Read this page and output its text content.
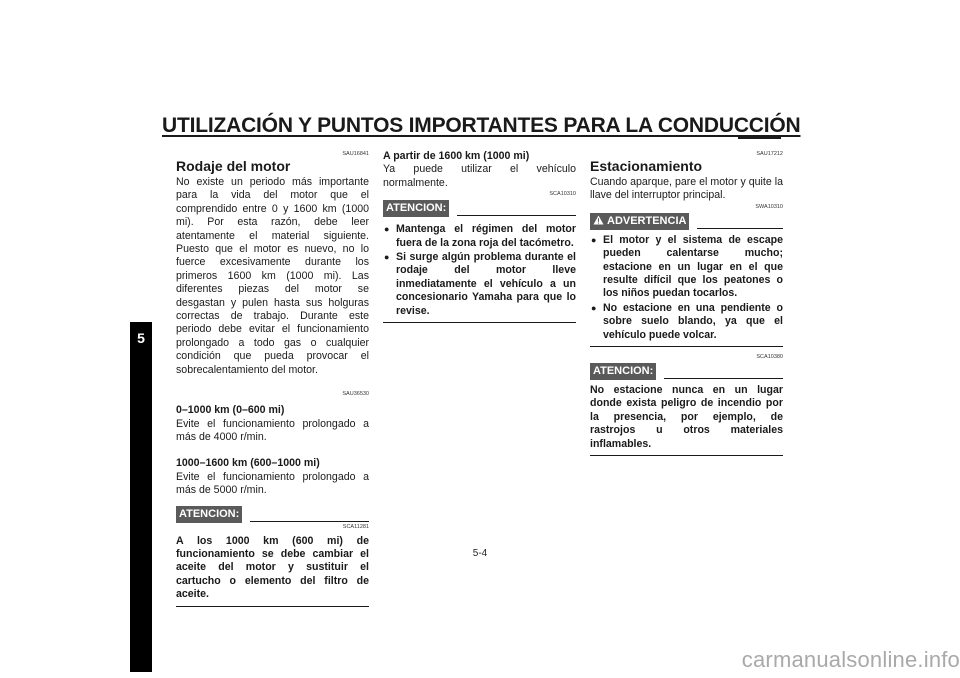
UTILIZACIÓN Y PUNTOS IMPORTANTES PARA LA CONDUCCIÓN
5
SAU16841
Rodaje del motor

No existe un periodo más importante para la vida del motor que el comprendido entre 0 y 1600 km (1000 mi). Por esta razón, debe leer atentamente el material siguiente. Puesto que el motor es nuevo, no lo fuerce excesivamente durante los primeros 1600 km (1000 mi). Las diferentes piezas del motor se desgastan y pulen hasta sus holguras correctas de trabajo. Durante este periodo debe evitar el funcionamiento prolongado a todo gas o cualquier condición que pueda provocar el sobrecalentamiento del motor.

SAU36530

0–1000 km (0–600 mi)

Evite el funcionamiento prolongado a más de 4000 r/min.

1000–1600 km (600–1000 mi)

Evite el funcionamiento prolongado a más de 5000 r/min.

ATENCION:
SCA11281

A los 1000 km (600 mi) de funcionamiento se debe cambiar el aceite del motor y sustituir el cartucho o elemento del filtro de aceite.

A partir de 1600 km (1000 mi)

Ya puede utilizar el vehículo normalmente.

SCA10310
ATENCION:
● Mantenga el régimen del motor fuera de la zona roja del tacómetro.
● Si surge algún problema durante el rodaje del motor lleve inmediatamente el vehículo a un concesionario Yamaha para que lo revise.
SAU17212
Estacionamiento

Cuando aparque, pare el motor y quite la llave del interruptor principal.

SWA10310
ADVERTENCIA
● El motor y el sistema de escape pueden calentarse mucho; estacione en un lugar en el que resulte difícil que los peatones o los niños puedan tocarlos.
● No estacione en una pendiente o sobre suelo blando, ya que el vehículo puede volcar.
SCA10380
ATENCION:

No estacione nunca en un lugar donde exista peligro de incendio por la presencia, por ejemplo, de rastrojos u otros materiales inflamables.

5-4
carmanualsonline.info
